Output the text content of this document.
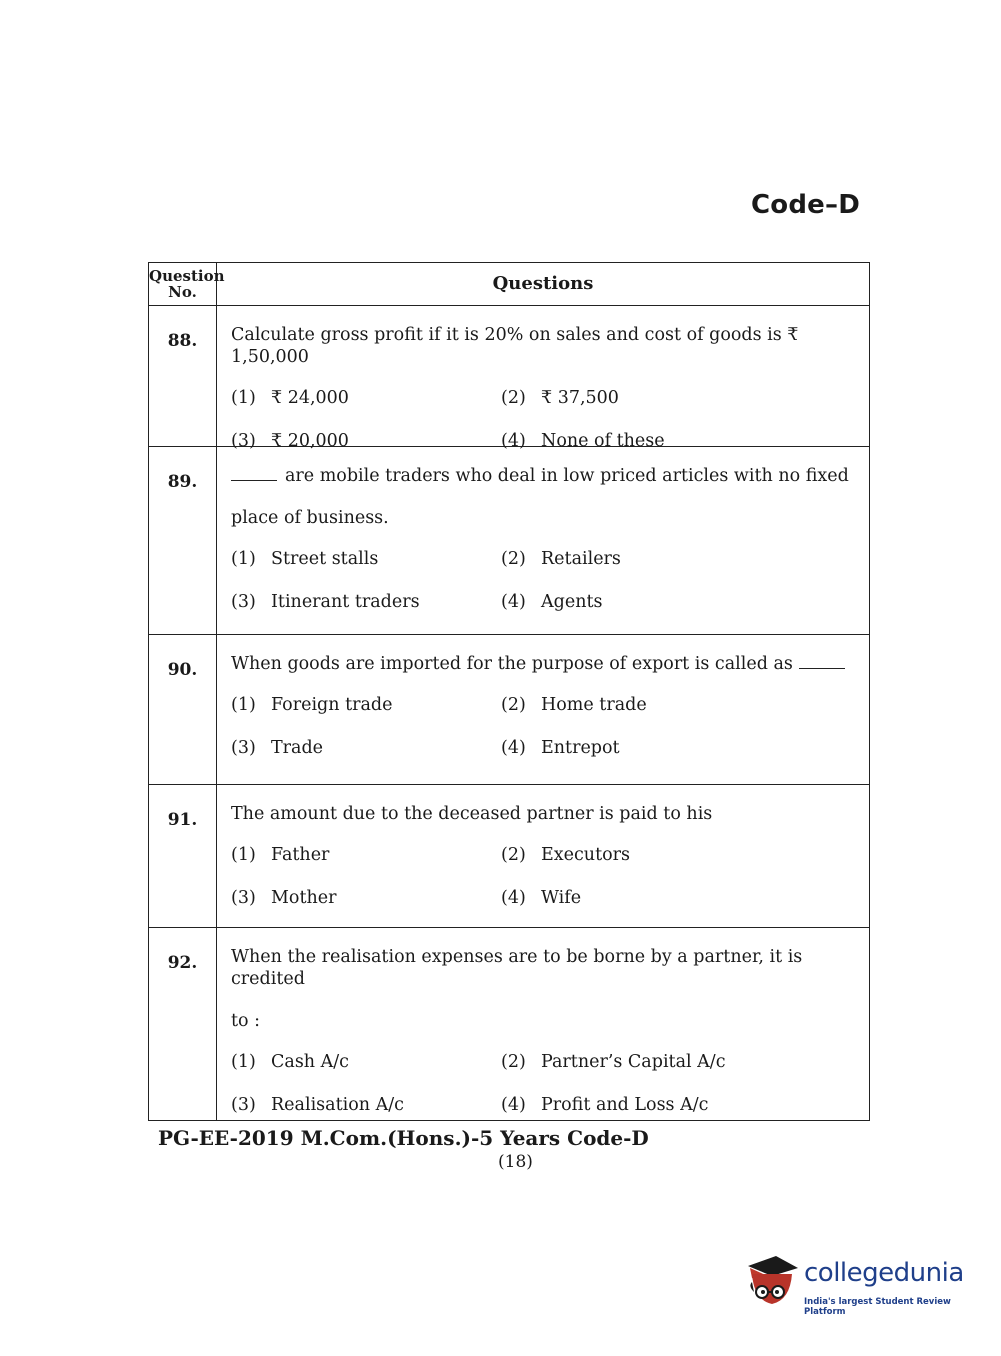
Code–D
Question
No.	Questions
88.	Calculate gross profit if it is 20% on sales and cost of goods is ₹ 1,50,000
(1) ₹ 24,000	(2) ₹ 37,500
(3) ₹ 20,000	(4) None of these
89.	are mobile traders who deal in low priced articles with no fixed
place of business.
(1) Street stalls	(2) Retailers
(3) Itinerant traders	(4) Agents
90.	When goods are imported for the purpose of export is called as
(1) Foreign trade	(2) Home trade
(3) Trade	(4) Entrepot
91.	The amount due to the deceased partner is paid to his
(1) Father	(2) Executors
(3) Mother	(4) Wife
92.	When the realisation expenses are to be borne by a partner, it is credited
to :
(1) Cash A/c	(2) Partner’s Capital A/c
(3) Realisation A/c	(4) Profit and Loss A/c
PG-EE-2019 M.Com.(Hons.)-5 Years Code-D
(18)
collegedunia
India's largest Student Review Platform
